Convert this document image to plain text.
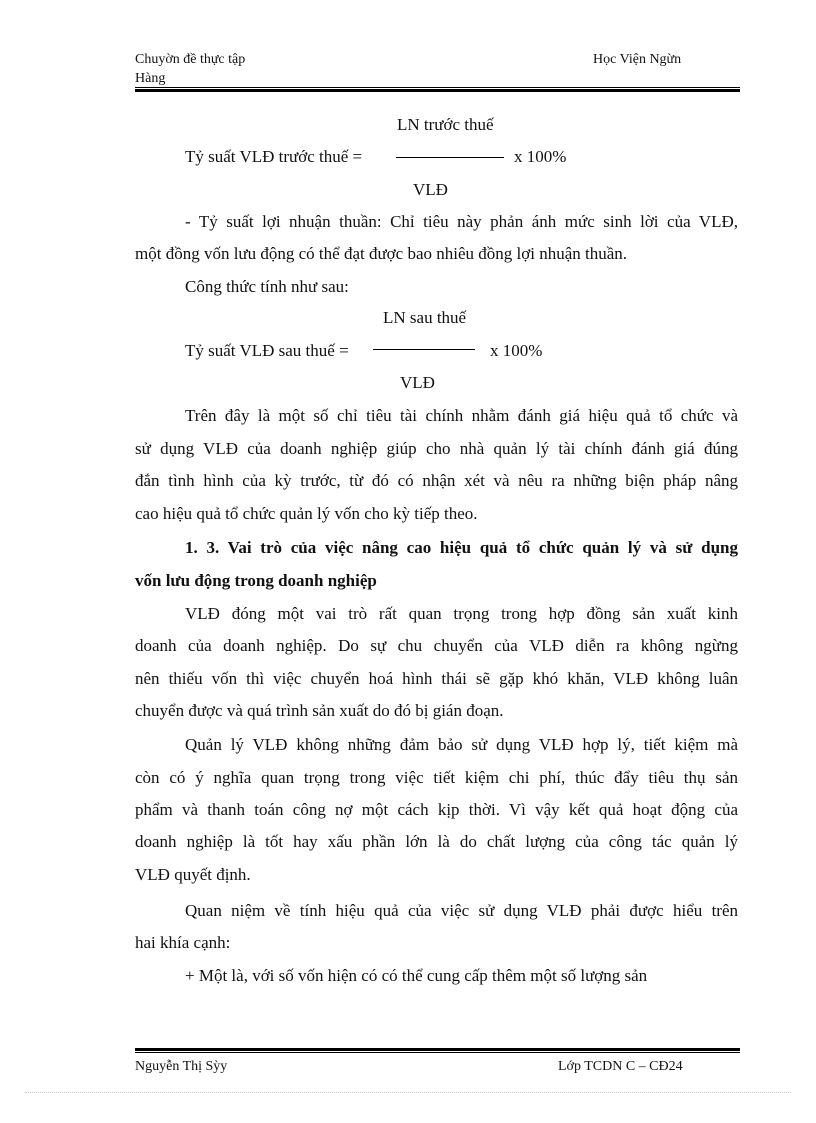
Chuyờn đề thực tập
Hàng
Học Viện Ngừn
LN trước thuế
Tỷ suất VLĐ trước thuế =	x 100%
VLĐ
- Tỷ suất lợi nhuận thuần: Chỉ tiêu này phản ánh mức sinh lời của VLĐ,
một đồng vốn lưu động có thể đạt được bao nhiêu đồng lợi nhuận thuần.
Công thức tính như sau:
LN sau thuế
Tỷ suất VLĐ sau thuế =	x 100%
VLĐ
Trên đây là một số chỉ tiêu tài chính nhằm đánh giá hiệu quả tổ chức và
sử dụng VLĐ của doanh nghiệp giúp cho nhà quản lý tài chính đánh giá đúng
đắn tình hình của kỳ trước, từ đó có nhận xét và nêu ra những biện pháp nâng
cao hiệu quả tổ chức quản lý vốn cho kỳ tiếp theo.
1. 3. Vai trò của việc nâng cao hiệu quả tổ chức quản lý và sử dụng
vốn lưu động trong doanh nghiệp
VLĐ đóng một vai trò rất quan trọng trong hợp đồng sản xuất kinh
doanh của doanh nghiệp. Do sự chu chuyển của VLĐ diễn ra không ngừng
nên thiếu vốn thì việc chuyển hoá hình thái sẽ gặp khó khăn, VLĐ không luân
chuyển được và quá trình sản xuất do đó bị gián đoạn.
Quản lý VLĐ không những đảm bảo sử dụng VLĐ hợp lý, tiết kiệm mà
còn có ý nghĩa quan trọng trong việc tiết kiệm chi phí, thúc đẩy tiêu thụ sản
phẩm và thanh toán công nợ một cách kịp thời. Vì vậy kết quả hoạt động của
doanh nghiệp là tốt hay xấu phần lớn là do chất lượng của công tác quản lý
VLĐ quyết định.
Quan niệm về tính hiệu quả của việc sử dụng VLĐ phải được hiểu trên
hai khía cạnh:
+ Một là, với số vốn hiện có có thể cung cấp thêm một số lượng sản
Nguyễn Thị Sỳy	Lớp TCDN C – CĐ24
